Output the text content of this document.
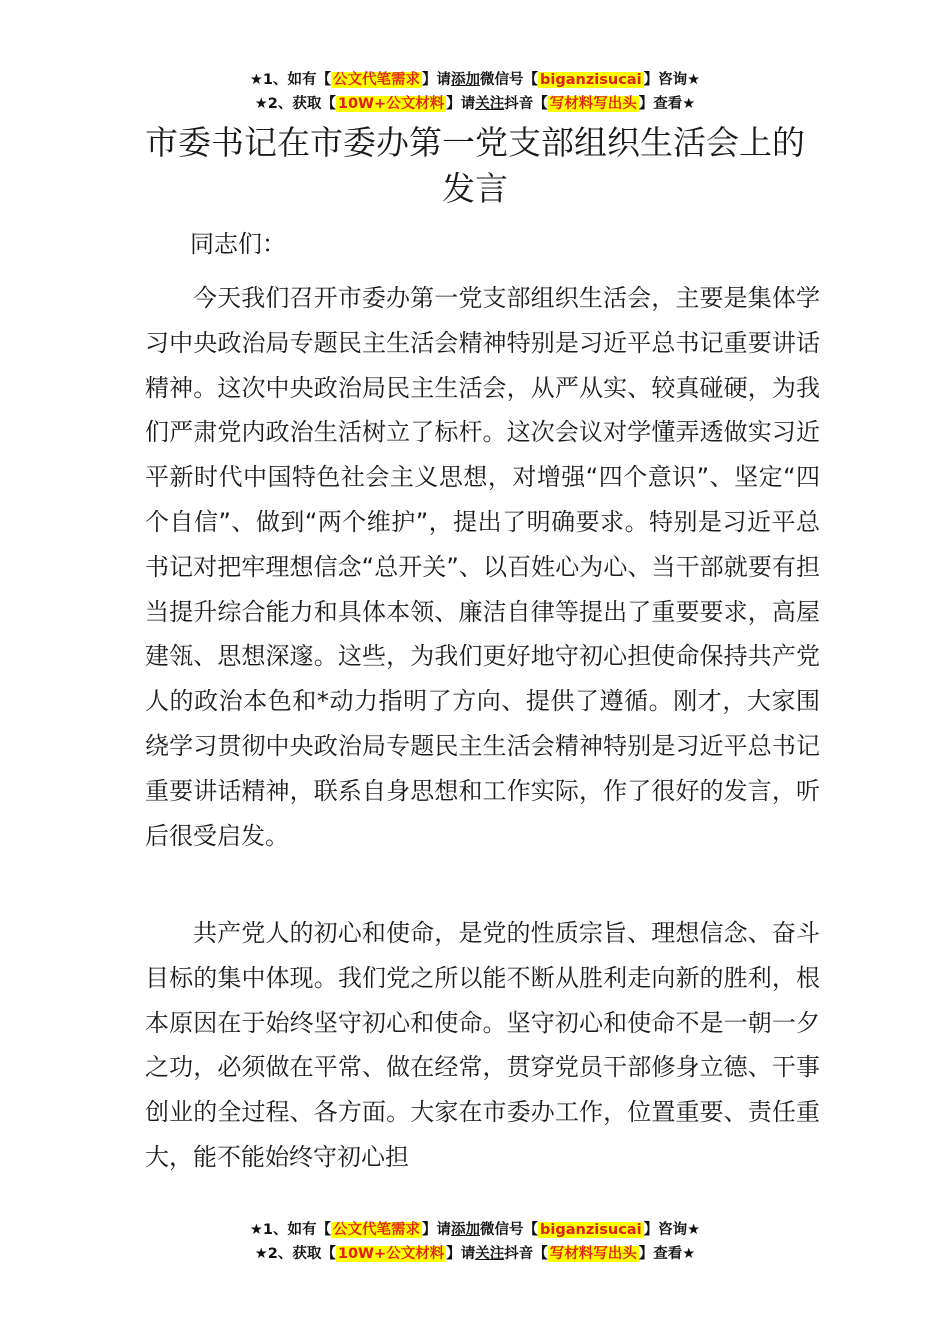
★1、如有【 公文代笔需求 】请添加微信号【 biganzisucai 】咨询★
★2、获取【 10W+公文材料 】请关注抖音【 写材料写出头 】查看★
市委书记在市委办第一党支部组织生活会上的发言

同志们：

今天我们召开市委办第一党支部组织生活会，主要是集体学习中央政治局专题民主生活会精神特别是习近平总书记重要讲话精神。这次中央政治局民主生活会，从严从实、较真碰硬，为我们严肃党内政治生活树立了标杆。这次会议对学懂弄透做实习近平新时代中国特色社会主义思想，对增强“四个意识”、坚定“四个自信”、做到“两个维护”，提出了明确要求。特别是习近平总书记对把牢理想信念“总开关”、以百姓心为心、当干部就要有担当提升综合能力和具体本领、廉洁自律等提出了重要要求，高屋建瓴、思想深邃。这些，为我们更好地守初心担使命保持共产党人的政治本色和*动力指明了方向、提供了遵循。刚才，大家围绕学习贯彻中央政治局专题民主生活会精神特别是习近平总书记重要讲话精神，联系自身思想和工作实际，作了很好的发言，听后很受启发。

共产党人的初心和使命，是党的性质宗旨、理想信念、奋斗目标的集中体现。我们党之所以能不断从胜利走向新的胜利，根本原因在于始终坚守初心和使命。坚守初心和使命不是一朝一夕之功，必须做在平常、做在经常，贯穿党员干部修身立德、干事创业的全过程、各方面。大家在市委办工作，位置重要、责任重大，能不能始终守初心担

★1、如有【 公文代笔需求 】请添加微信号【 biganzisucai 】咨询★
★2、获取【 10W+公文材料 】请关注抖音【 写材料写出头 】查看★
